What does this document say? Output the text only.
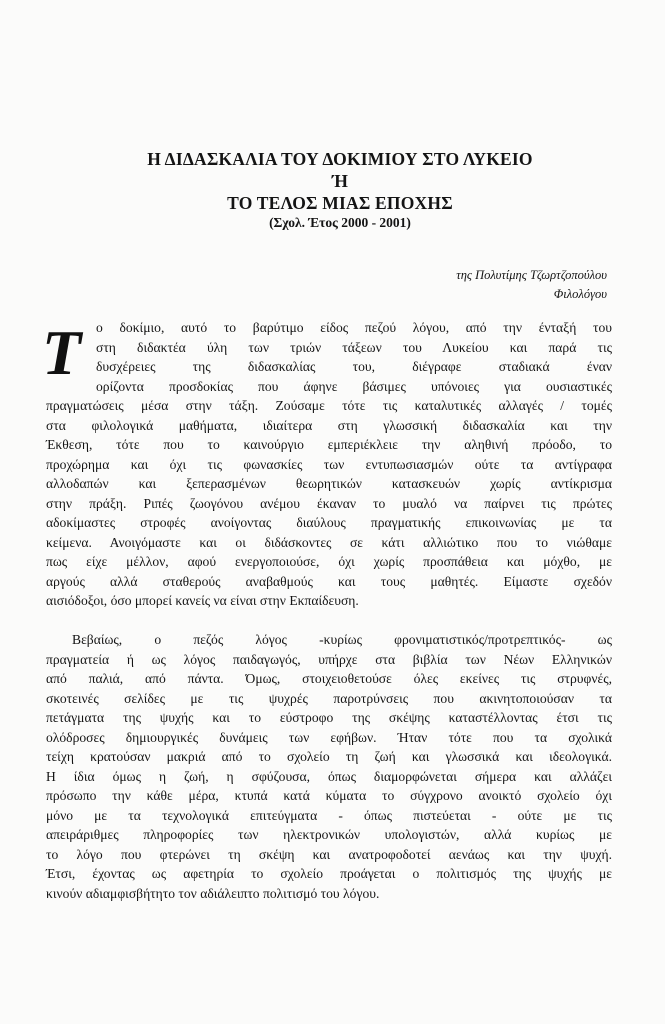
Η ΔΙΔΑΣΚΑΛΙΑ ΤΟΥ ΔΟΚΙΜΙΟΥ ΣΤΟ ΛΥΚΕΙΟ
Ή
ΤΟ ΤΕΛΟΣ ΜΙΑΣ ΕΠΟΧΗΣ
(Σχολ. Έτος 2000 - 2001)
της Πολυτίμης Τζωρτζοπούλου
Φιλολόγου
Τ	ο δοκίμιο, αυτό το βαρύτιμο είδος πεζού λόγου, από την ένταξή του
στη διδακτέα ύλη των τριών τάξεων του Λυκείου και παρά τις
δυσχέρειες της διδασκαλίας του, διέγραφε σταδιακά έναν
ορίζοντα προσδοκίας που άφηνε βάσιμες υπόνοιες για ουσιαστικές
πραγματώσεις μέσα στην τάξη. Ζούσαμε τότε τις καταλυτικές αλλαγές / τομές
στα φιλολογικά μαθήματα, ιδιαίτερα στη γλωσσική διδασκαλία και την
Έκθεση, τότε που το καινούργιο εμπεριέκλειε την αληθινή πρόοδο, το
προχώρημα και όχι τις φωνασκίες των εντυπωσιασμών ούτε τα αντίγραφα
αλλοδαπών και ξεπερασμένων θεωρητικών κατασκευών χωρίς αντίκρισμα
στην πράξη. Ριπές ζωογόνου ανέμου έκαναν το μυαλό να παίρνει τις πρώτες
αδοκίμαστες στροφές ανοίγοντας διαύλους πραγματικής επικοινωνίας με τα
κείμενα. Ανοιγόμαστε και οι διδάσκοντες σε κάτι αλλιώτικο που το νιώθαμε
πως είχε μέλλον, αφού ενεργοποιούσε, όχι χωρίς προσπάθεια και μόχθο, με
αργούς αλλά σταθερούς αναβαθμούς και τους μαθητές. Είμαστε σχεδόν
αισιόδοξοι, όσο μπορεί κανείς να είναι στην Εκπαίδευση.
Βεβαίως, ο πεζός λόγος -κυρίως φρονιματιστικός/προτρεπτικός- ως
πραγματεία ή ως λόγος παιδαγωγός, υπήρχε στα βιβλία των Νέων Ελληνικών
από παλιά, από πάντα. Όμως, στοιχειοθετούσε όλες εκείνες τις στρυφνές,
σκοτεινές σελίδες με τις ψυχρές παροτρύνσεις που ακινητοποιούσαν τα
πετάγματα της ψυχής και το εύστροφο της σκέψης καταστέλλοντας έτσι τις
ολόδροσες δημιουργικές δυνάμεις των εφήβων. Ήταν τότε που τα σχολικά
τείχη κρατούσαν μακριά από το σχολείο τη ζωή και γλωσσικά και ιδεολογικά.
Η ίδια όμως η ζωή, η σφύζουσα, όπως διαμορφώνεται σήμερα και αλλάζει
πρόσωπο την κάθε μέρα, κτυπά κατά κύματα το σύγχρονο ανοικτό σχολείο όχι
μόνο με τα τεχνολογικά επιτεύγματα - όπως πιστεύεται - ούτε με τις
απειράριθμες πληροφορίες των ηλεκτρονικών υπολογιστών, αλλά κυρίως με
το λόγο που φτερώνει τη σκέψη και ανατροφοδοτεί αενάως και την ψυχή.
Έτσι, έχοντας ως αφετηρία το σχολείο προάγεται ο πολιτισμός της ψυχής με
κινούν αδιαμφισβήτητο τον αδιάλειπτο πολιτισμό του λόγου.
